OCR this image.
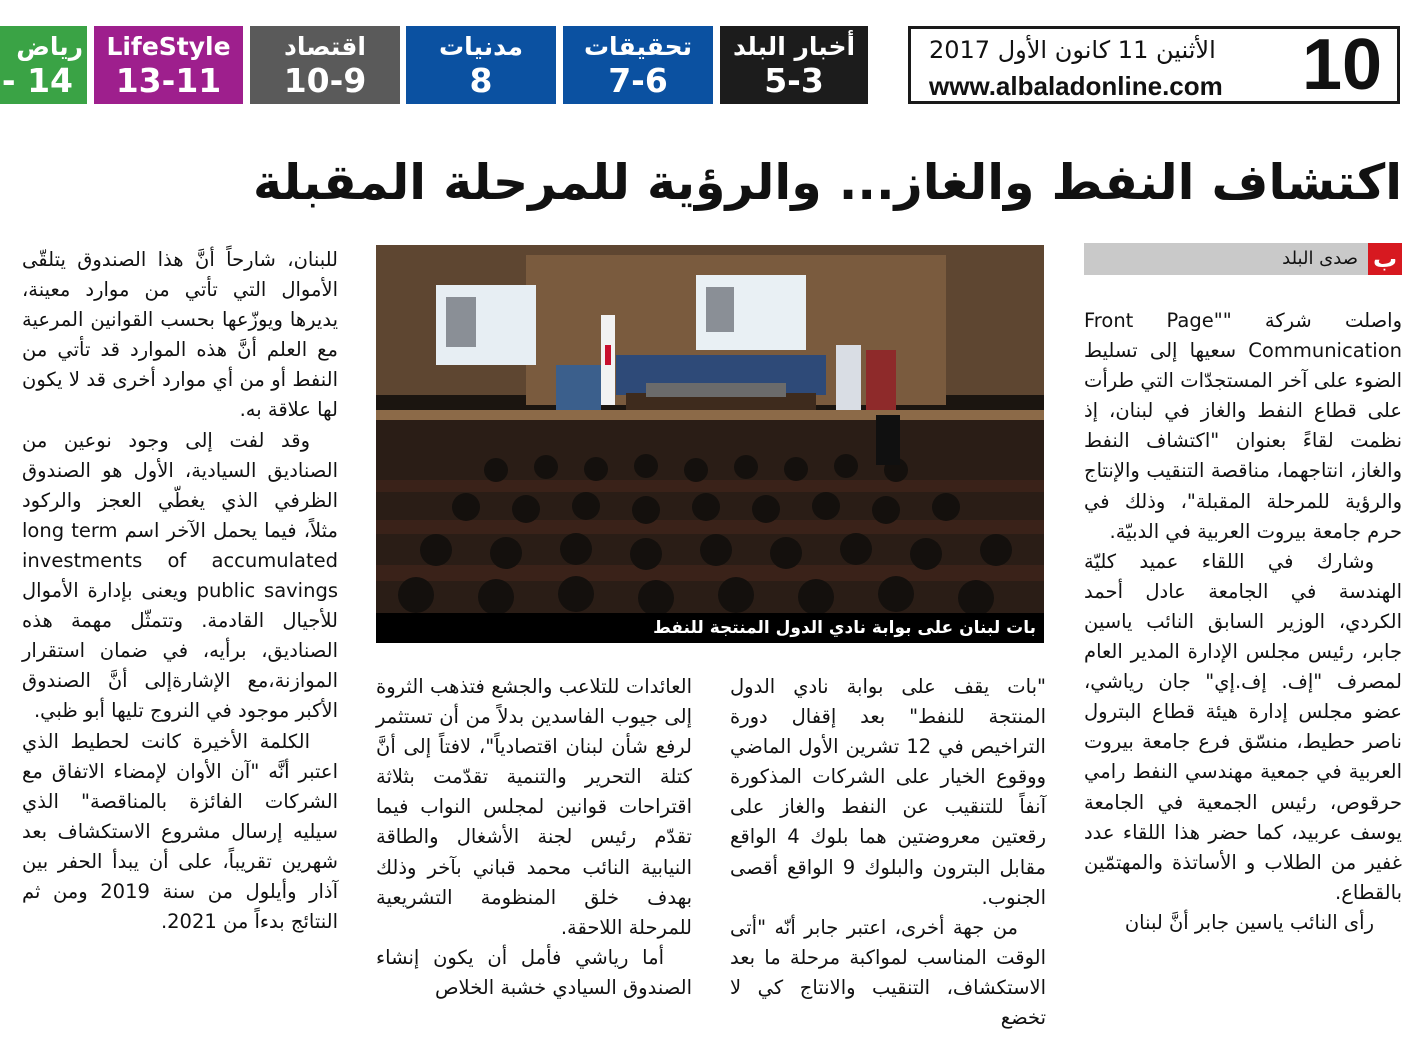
أخبار البلد
5-3
تحقيقات
7-6
مدنيات
8
اقتصاد
10-9
LifeStyle
13-11
رياض
- 14
الأثنين 11 كانون الأول 2017
www.albaladonline.com 10
اكتشاف النفط والغاز... والرؤية للمرحلة المقبلة
ب
صدى البلد

واصلت شركة ""Front Page Communication سعيها إلى تسليط الضوء على آخر المستجدّات التي طرأت على قطاع النفط والغاز في لبنان، إذ نظمت لقاءً بعنوان "اكتشاف النفط والغاز، انتاجهما، مناقصة التنقيب والإنتاج والرؤية للمرحلة المقبلة"، وذلك في حرم جامعة بيروت العربية في الدبيّة.

وشارك في اللقاء عميد كليّة الهندسة في الجامعة عادل أحمد الكردي، الوزير السابق النائب ياسين جابر، رئيس مجلس الإدارة المدير العام لمصرف "إف. إف.إي" جان رياشي، عضو مجلس إدارة هيئة قطاع البترول ناصر حطيط، منسّق فرع جامعة بيروت العربية في جمعية مهندسي النفط رامي حرقوص، رئيس الجمعية في الجامعة يوسف عربيد، كما حضر هذا اللقاء عدد غفير من الطلاب و الأساتذة والمهتمّين بالقطاع.

رأى النائب ياسين جابر أنَّ لبنان

بات لبنان على بوابة نادي الدول المنتجة للنفط

"بات يقف على بوابة نادي الدول المنتجة للنفط" بعد إقفال دورة التراخيص في 12 تشرين الأول الماضي ووقوع الخيار على الشركات المذكورة آنفاً للتنقيب عن النفط والغاز على رقعتين معروضتين هما بلوك 4 الواقع مقابل البترون والبلوك 9 الواقع أقصى الجنوب.

من جهة أخرى، اعتبر جابر أنّه "أتى الوقت المناسب لمواكبة مرحلة ما بعد الاستكشاف، التنقيب والانتاج كي لا تخضع

العائدات للتلاعب والجشع فتذهب الثروة إلى جيوب الفاسدين بدلاً من أن تستثمر لرفع شأن لبنان اقتصادياً"، لافتاً إلى أنَّ كتلة التحرير والتنمية تقدّمت بثلاثة اقتراحات قوانين لمجلس النواب فيما تقدّم رئيس لجنة الأشغال والطاقة النيابية النائب محمد قباني بآخر وذلك بهدف خلق المنظومة التشريعية للمرحلة اللاحقة.

أما رياشي فأمل أن يكون إنشاء الصندوق السيادي خشبة الخلاص

للبنان، شارحاً أنَّ هذا الصندوق يتلقّى الأموال التي تأتي من موارد معينة، يديرها ويوزّعها بحسب القوانين المرعية مع العلم أنَّ هذه الموارد قد تأتي من النفط أو من أي موارد أخرى قد لا يكون لها علاقة به.

وقد لفت إلى وجود نوعين من الصناديق السيادية، الأول هو الصندوق الظرفي الذي يغطّي العجز والركود مثلاً، فيما يحمل الآخر اسم long term investments of accumulated public savings ويعنى بإدارة الأموال للأجيال القادمة. وتتمثّل مهمة هذه الصناديق، برأيه، في ضمان استقرار الموازنة،مع الإشارةإلى أنَّ الصندوق الأكبر موجود في النروج تليها أبو ظبي.

الكلمة الأخيرة كانت لحطيط الذي اعتبر أنَّه "آن الأوان لإمضاء الاتفاق مع الشركات الفائزة بالمناقصة" الذي سيليه إرسال مشروع الاستكشاف بعد شهرين تقريباً، على أن يبدأ الحفر بين آذار وأيلول من سنة 2019 ومن ثم النتائج بدءاً من 2021.
